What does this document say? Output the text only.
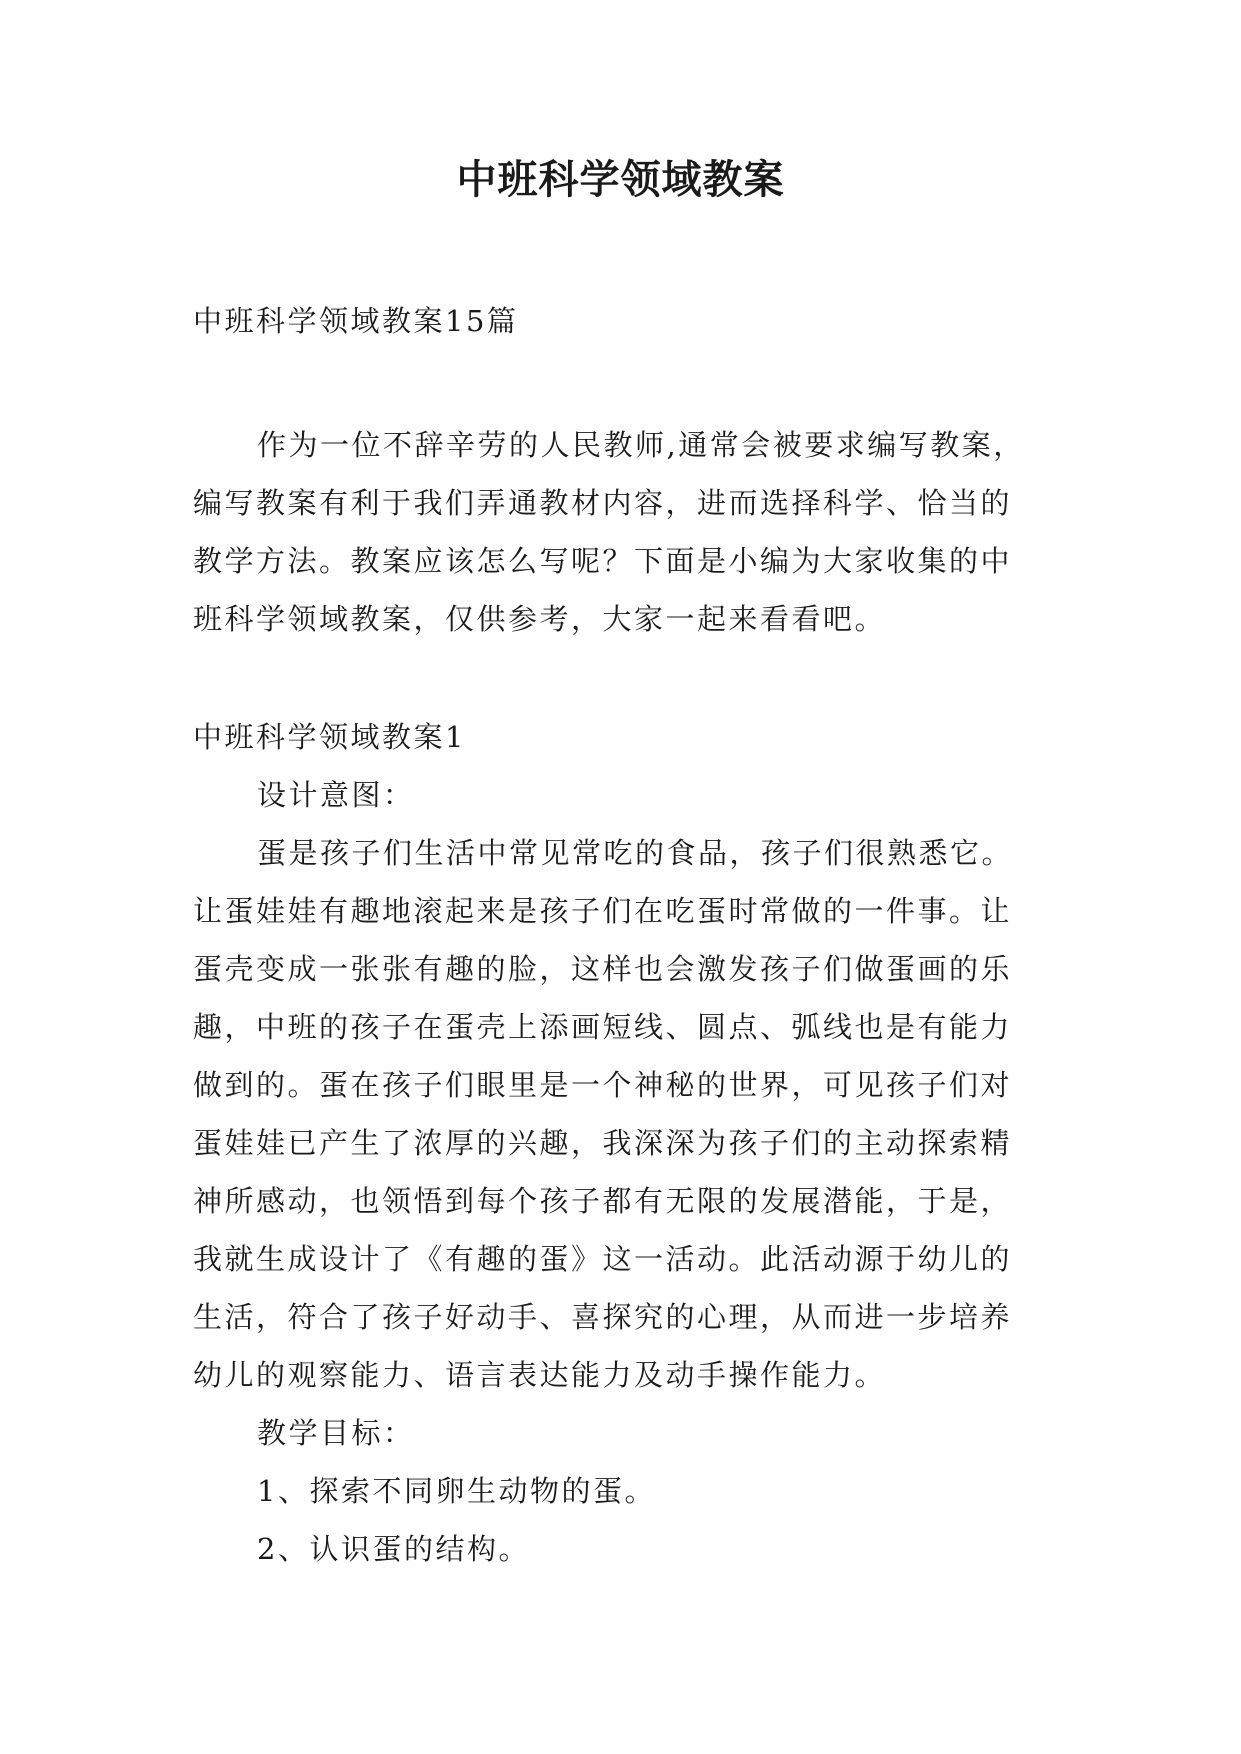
中班科学领域教案

中班科学领域教案15篇

作为一位不辞辛劳的人民教师,通常会被要求编写教案，

编写教案有利于我们弄通教材内容，进而选择科学、恰当的

教学方法。教案应该怎么写呢？下面是小编为大家收集的中

班科学领域教案，仅供参考，大家一起来看看吧。

中班科学领域教案1

设计意图：

蛋是孩子们生活中常见常吃的食品，孩子们很熟悉它。

让蛋娃娃有趣地滚起来是孩子们在吃蛋时常做的一件事。让

蛋壳变成一张张有趣的脸，这样也会激发孩子们做蛋画的乐

趣，中班的孩子在蛋壳上添画短线、圆点、弧线也是有能力

做到的。蛋在孩子们眼里是一个神秘的世界，可见孩子们对

蛋娃娃已产生了浓厚的兴趣，我深深为孩子们的主动探索精

神所感动，也领悟到每个孩子都有无限的发展潜能，于是，

我就生成设计了《有趣的蛋》这一活动。此活动源于幼儿的

生活，符合了孩子好动手、喜探究的心理，从而进一步培养

幼儿的观察能力、语言表达能力及动手操作能力。

教学目标：

1、探索不同卵生动物的蛋。

2、认识蛋的结构。
